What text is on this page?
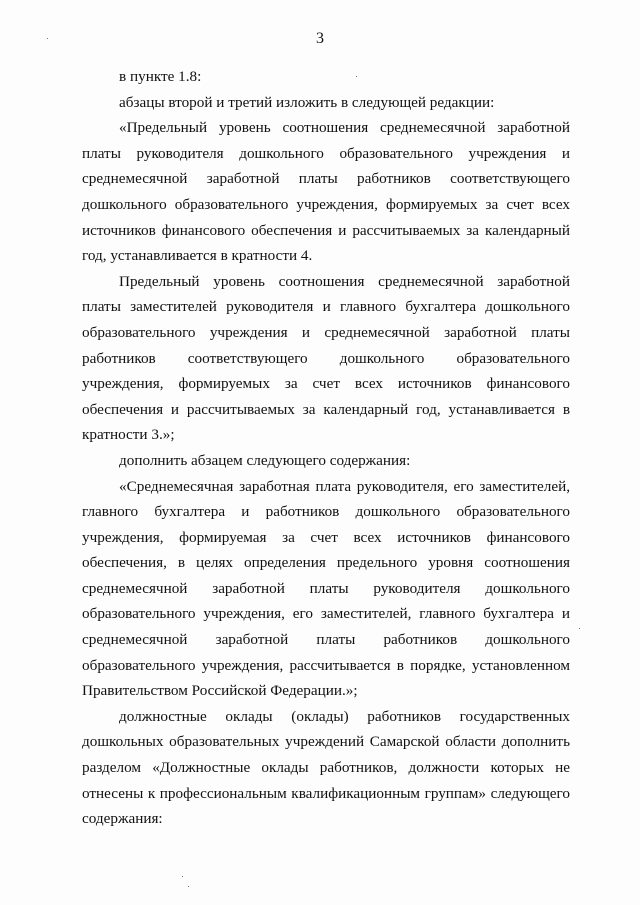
3

в пункте 1.8:

абзацы второй и третий изложить в следующей редакции:

«Предельный уровень соотношения среднемесячной заработной платы руководителя дошкольного образовательного учреждения и среднемесячной заработной платы работников соответствующего дошкольного образовательного учреждения, формируемых за счет всех источников финансового обеспечения и рассчитываемых за календарный год, устанавливается в кратности 4.

Предельный уровень соотношения среднемесячной заработной платы заместителей руководителя и главного бухгалтера дошкольного образовательного учреждения и среднемесячной заработной платы работников соответствующего дошкольного образовательного учреждения, формируемых за счет всех источников финансового обеспечения и рассчитываемых за календарный год, устанавливается в кратности 3.»;

дополнить абзацем следующего содержания:

«Среднемесячная заработная плата руководителя, его заместителей, главного бухгалтера и работников дошкольного образовательного учреждения, формируемая за счет всех источников финансового обеспечения, в целях определения предельного уровня соотношения среднемесячной заработной платы руководителя дошкольного образовательного учреждения, его заместителей, главного бухгалтера и среднемесячной заработной платы работников дошкольного образовательного учреждения, рассчитывается в порядке, установленном Правительством Российской Федерации.»;

должностные оклады (оклады) работников государственных дошкольных образовательных учреждений Самарской области дополнить разделом «Должностные оклады работников, должности которых не отнесены к профессиональным квалификационным группам» следующего содержания:
